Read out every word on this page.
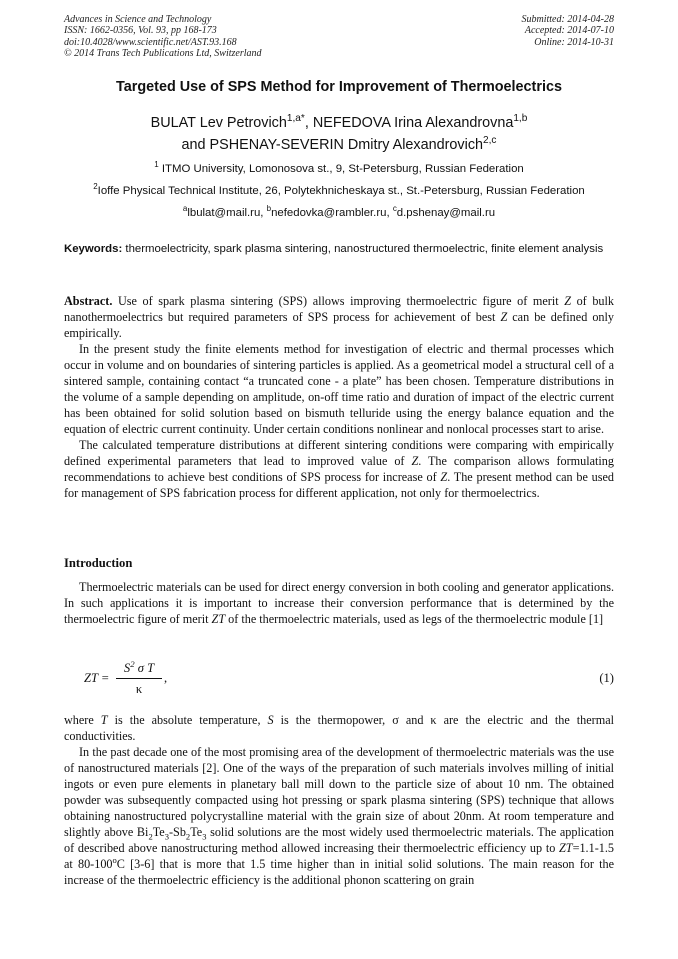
Advances in Science and Technology
ISSN: 1662-0356, Vol. 93, pp 168-173
doi:10.4028/www.scientific.net/AST.93.168
© 2014 Trans Tech Publications Ltd, Switzerland
Submitted: 2014-04-28
Accepted: 2014-07-10
Online: 2014-10-31
Targeted Use of SPS Method for Improvement of Thermoelectrics
BULAT Lev Petrovich$^{1,a*}$, NEFEDOVA Irina Alexandrovna$^{1,b}$
and PSHENAY-SEVERIN Dmitry Alexandrovich$^{2,c}$
$^1$ ITMO University, Lomonosova st., 9, St-Petersburg, Russian Federation
$^2$Ioffe Physical Technical Institute, 26, Polytekhnicheskaya st., St.-Petersburg, Russian Federation
$^a$lbulat@mail.ru, $^b$nefedovka@rambler.ru, $^c$d.pshenay@mail.ru
Keywords: thermoelectricity, spark plasma sintering, nanostructured thermoelectric, finite element analysis

Abstract. Use of spark plasma sintering (SPS) allows improving thermoelectric figure of merit Z of bulk nanothermoelectrics but required parameters of SPS process for achievement of best Z can be defined only empirically.

In the present study the finite elements method for investigation of electric and thermal processes which occur in volume and on boundaries of sintering particles is applied. As a geometrical model a structural cell of a sintered sample, containing contact “a truncated cone - a plate” has been chosen. Temperature distributions in the volume of a sample depending on amplitude, on-off time ratio and duration of impact of the electric current has been obtained for solid solution based on bismuth telluride using the energy balance equation and the equation of electric current continuity. Under certain conditions nonlinear and nonlocal processes start to arise.

The calculated temperature distributions at different sintering conditions were comparing with empirically defined experimental parameters that lead to improved value of Z. The comparison allows formulating recommendations to achieve best conditions of SPS process for increase of Z. The present method can be used for management of SPS fabrication process for different application, not only for thermoelectrics.

Introduction

Thermoelectric materials can be used for direct energy conversion in both cooling and generator applications. In such applications it is important to increase their conversion performance that is determined by the thermoelectric figure of merit ZT of the thermoelectric materials, used as legs of the thermoelectric module [1]

ZT =
$S^2$ σ T
κ
,	(1)

where T is the absolute temperature, S is the thermopower, σ and κ are the electric and the thermal conductivities.

In the past decade one of the most promising area of the development of thermoelectric materials was the use of nanostructured materials [2]. One of the ways of the preparation of such materials involves milling of initial ingots or even pure elements in planetary ball mill down to the particle size of about 10 nm. The obtained powder was subsequently compacted using hot pressing or spark plasma sintering (SPS) technique that allows obtaining nanostructured polycrystalline material with the grain size of about 20nm. At room temperature and slightly above $Bi_2Te_3-Sb_2Te_3$ solid solutions are the most widely used thermoelectric materials. The application of described above nanostructuring method allowed increasing their thermoelectric efficiency up to ZT=1.1-1.5 at 80-100$^o$C [3-6] that is more that 1.5 time higher than in initial solid solutions. The main reason for the increase of the thermoelectric efficiency is the additional phonon scattering on grain
